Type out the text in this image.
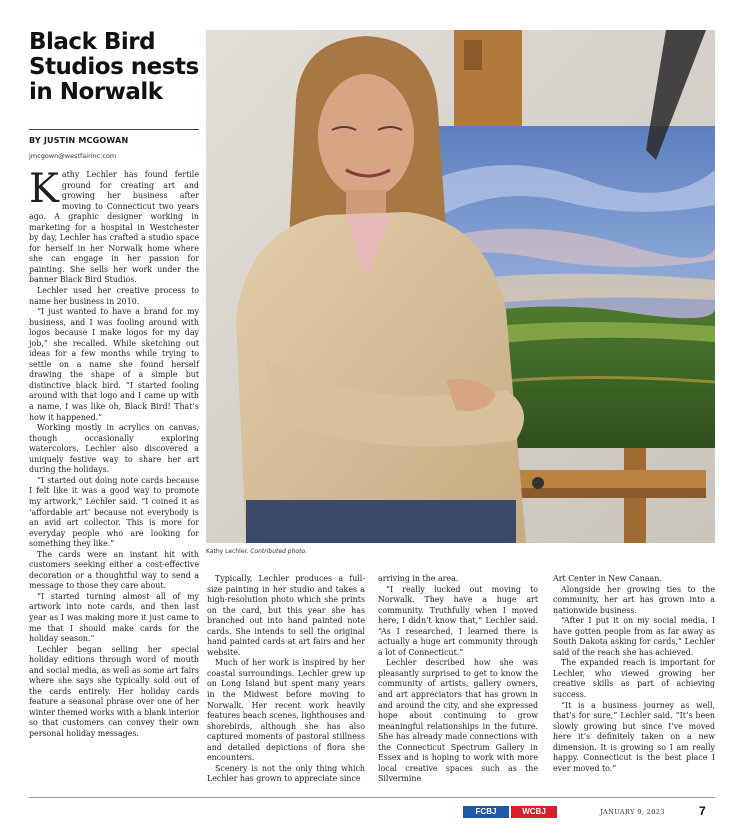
Black Bird Studios nests in Norwalk
BY JUSTIN MCGOWAN
jmcgown@westfairinc.com

Kathy Lechler has found fertile ground for creating art and growing her business after moving to Connecticut two years ago. A graphic designer working in marketing for a hospital in Westchester by day, Lechler has crafted a studio space for herself in her Norwalk home where she can engage in her passion for painting. She sells her work under the banner Black Bird Studios.

Lechler used her creative process to name her business in 2010.

“I just wanted to have a brand for my business, and I was fooling around with logos because I make logos for my day job,” she recalled. While sketching out ideas for a few months while trying to settle on a name she found herself drawing the shape of a simple but distinctive black bird. “I started fooling around with that logo and I came up with a name, I was like oh, Black Bird! That’s how it happened.”

Working mostly in acrylics on canvas, though occasionally exploring watercolors, Lechler also discovered a uniquely festive way to share her art during the holidays.

“I started out doing note cards because I felt like it was a good way to promote my artwork,” Lechler said. “I coined it as ‘affordable art’ because not everybody is an avid art collector. This is more for everyday people who are looking for something they like.”

The cards were an instant hit with customers seeking either a cost-effective decoration or a thoughtful way to send a message to those they care about.

“I started turning almost all of my artwork into note cards, and then last year as I was making more it just came to me that I should make cards for the holiday season.”

Lechler began selling her special holiday editions through word of mouth and social media, as well as some art fairs where she says she typically sold out of the cards entirely. Her holiday cards feature a seasonal phrase over one of her winter themed works with a blank interior so that customers can convey their own personal holiday messages.

Kathy Lechler. Contributed photo.

Typically, Lechler produces a full-size painting in her studio and takes a high-resolution photo which she prints on the card, but this year she has branched out into hand painted note cards. She intends to sell the original hand painted cards at art fairs and her website.

Much of her work is inspired by her coastal surroundings. Lechler grew up on Long Island but spent many years in the Midwest before moving to Norwalk. Her recent work heavily features beach scenes, lighthouses and shorebirds, although she has also captured moments of pastoral stillness and detailed depictions of flora she encounters.

Scenery is not the only thing which Lechler has grown to appreciate since

arriving in the area.

“I really lucked out moving to Norwalk. They have a huge art community. Truthfully when I moved here, I didn’t know that,” Lechler said. “As I researched, I learned there is actually a huge art community through a lot of Connecticut.”

Lechler described how she was pleasantly surprised to get to know the community of artists, gallery owners, and art appreciators that has grown in and around the city, and she expressed hope about continuing to grow meaningful relationships in the future. She has already made connections with the Connecticut Spectrum Gallery in Essex and is hoping to work with more local creative spaces such as the Silvermine

Art Center in New Canaan.

Alongside her growing ties to the community, her art has grown into a nationwide business.

“After I put it on my social media, I have gotten people from as far away as South Dakota asking for cards,” Lechler said of the reach she has achieved.

The expanded reach is important for Lechler, who viewed growing her creative skills as part of achieving success.

“It is a business journey as well, that’s for sure,” Lechler said. “It’s been slowly growing but since I’ve moved here it’s definitely taken on a new dimension. It is growing so I am really happy. Connecticut is the best place I ever moved to.”

FCBJ	WCBJ	JANUARY 9, 2023	7
